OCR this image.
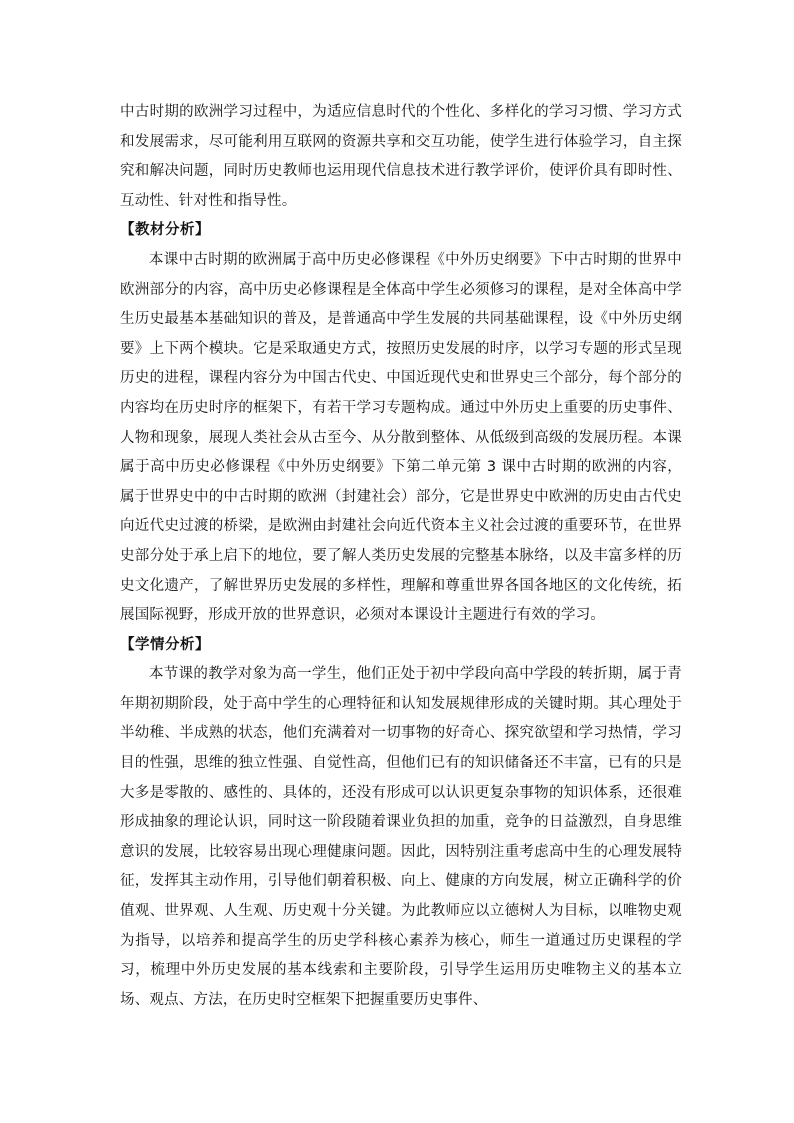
中古时期的欧洲学习过程中，为适应信息时代的个性化、多样化的学习习惯、学习方式和发展需求，尽可能利用互联网的资源共享和交互功能，使学生进行体验学习，自主探究和解决问题，同时历史教师也运用现代信息技术进行教学评价，使评价具有即时性、互动性、针对性和指导性。

【教材分析】

本课中古时期的欧洲属于高中历史必修课程《中外历史纲要》下中古时期的世界中欧洲部分的内容，高中历史必修课程是全体高中学生必须修习的课程，是对全体高中学生历史最基本基础知识的普及，是普通高中学生发展的共同基础课程，设《中外历史纲要》上下两个模块。它是采取通史方式，按照历史发展的时序，以学习专题的形式呈现历史的进程，课程内容分为中国古代史、中国近现代史和世界史三个部分，每个部分的内容均在历史时序的框架下，有若干学习专题构成。通过中外历史上重要的历史事件、人物和现象，展现人类社会从古至今、从分散到整体、从低级到高级的发展历程。本课属于高中历史必修课程《中外历史纲要》下第二单元第 3 课中古时期的欧洲的内容，属于世界史中的中古时期的欧洲（封建社会）部分，它是世界史中欧洲的历史由古代史向近代史过渡的桥梁，是欧洲由封建社会向近代资本主义社会过渡的重要环节，在世界史部分处于承上启下的地位，要了解人类历史发展的完整基本脉络，以及丰富多样的历史文化遗产，了解世界历史发展的多样性，理解和尊重世界各国各地区的文化传统，拓展国际视野，形成开放的世界意识，必须对本课设计主题进行有效的学习。

【学情分析】

本节课的教学对象为高一学生，他们正处于初中学段向高中学段的转折期，属于青年期初期阶段，处于高中学生的心理特征和认知发展规律形成的关键时期。其心理处于半幼稚、半成熟的状态，他们充满着对一切事物的好奇心、探究欲望和学习热情，学习目的性强，思维的独立性强、自觉性高，但他们已有的知识储备还不丰富，已有的只是大多是零散的、感性的、具体的，还没有形成可以认识更复杂事物的知识体系，还很难形成抽象的理论认识，同时这一阶段随着课业负担的加重，竞争的日益激烈，自身思维意识的发展，比较容易出现心理健康问题。因此，因特别注重考虑高中生的心理发展特征，发挥其主动作用，引导他们朝着积极、向上、健康的方向发展，树立正确科学的价值观、世界观、人生观、历史观十分关键。为此教师应以立德树人为目标，以唯物史观为指导，以培养和提高学生的历史学科核心素养为核心，师生一道通过历史课程的学习，梳理中外历史发展的基本线索和主要阶段，引导学生运用历史唯物主义的基本立场、观点、方法，在历史时空框架下把握重要历史事件、
